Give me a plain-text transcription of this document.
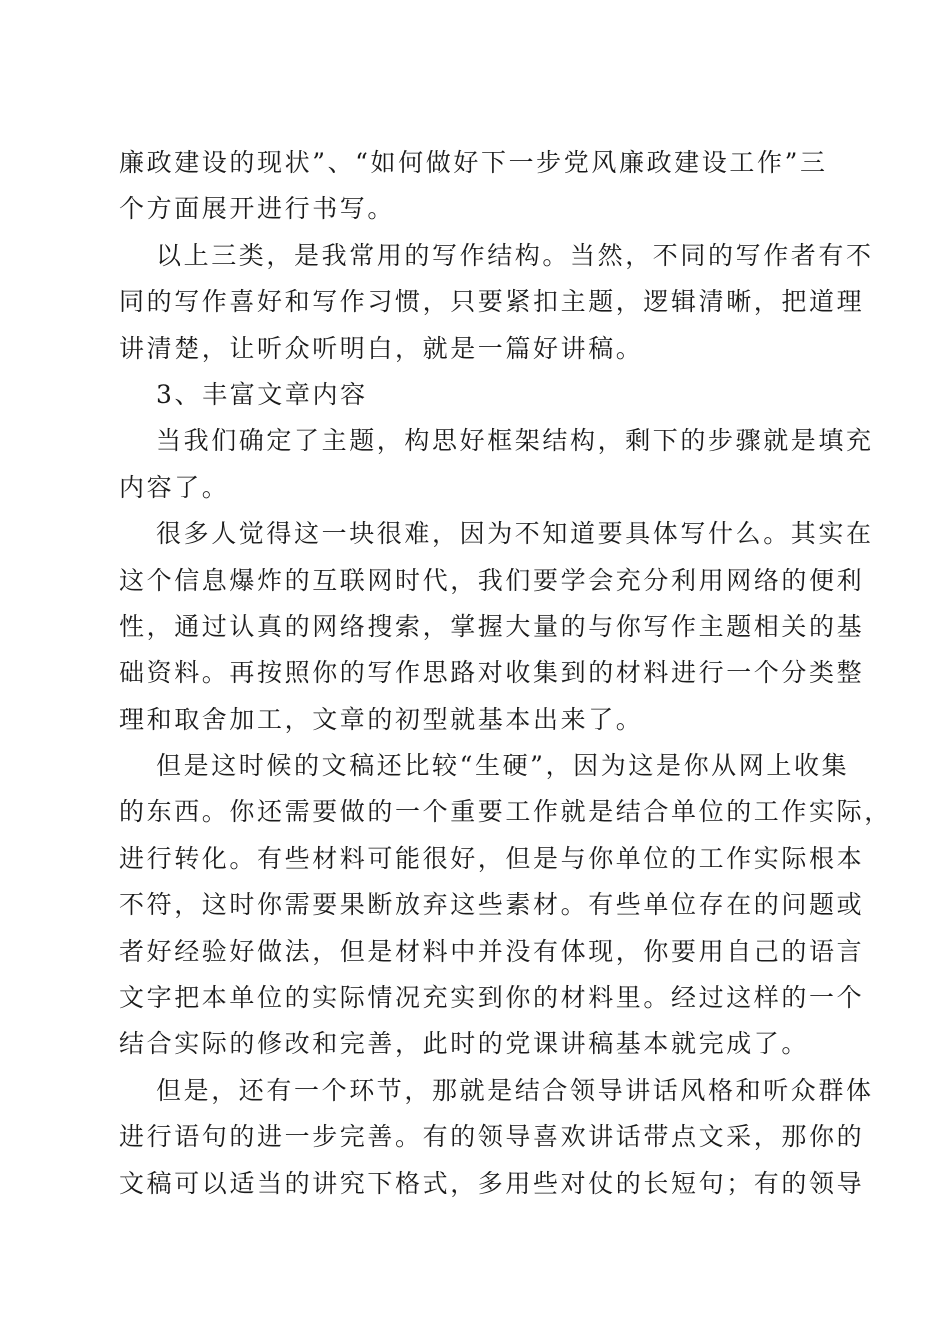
廉政建设的现状”、“如何做好下一步党风廉政建设工作”三
个方面展开进行书写。
以上三类，是我常用的写作结构。当然，不同的写作者有不
同的写作喜好和写作习惯，只要紧扣主题，逻辑清晰，把道理
讲清楚，让听众听明白，就是一篇好讲稿。
3、丰富文章内容
当我们确定了主题，构思好框架结构，剩下的步骤就是填充
内容了。
很多人觉得这一块很难，因为不知道要具体写什么。其实在
这个信息爆炸的互联网时代，我们要学会充分利用网络的便利
性，通过认真的网络搜索，掌握大量的与你写作主题相关的基
础资料。再按照你的写作思路对收集到的材料进行一个分类整
理和取舍加工，文章的初型就基本出来了。
但是这时候的文稿还比较“生硬”，因为这是你从网上收集
的东西。你还需要做的一个重要工作就是结合单位的工作实际，
进行转化。有些材料可能很好，但是与你单位的工作实际根本
不符，这时你需要果断放弃这些素材。有些单位存在的问题或
者好经验好做法，但是材料中并没有体现，你要用自己的语言
文字把本单位的实际情况充实到你的材料里。经过这样的一个
结合实际的修改和完善，此时的党课讲稿基本就完成了。
但是，还有一个环节，那就是结合领导讲话风格和听众群体
进行语句的进一步完善。有的领导喜欢讲话带点文采，那你的
文稿可以适当的讲究下格式，多用些对仗的长短句；有的领导
